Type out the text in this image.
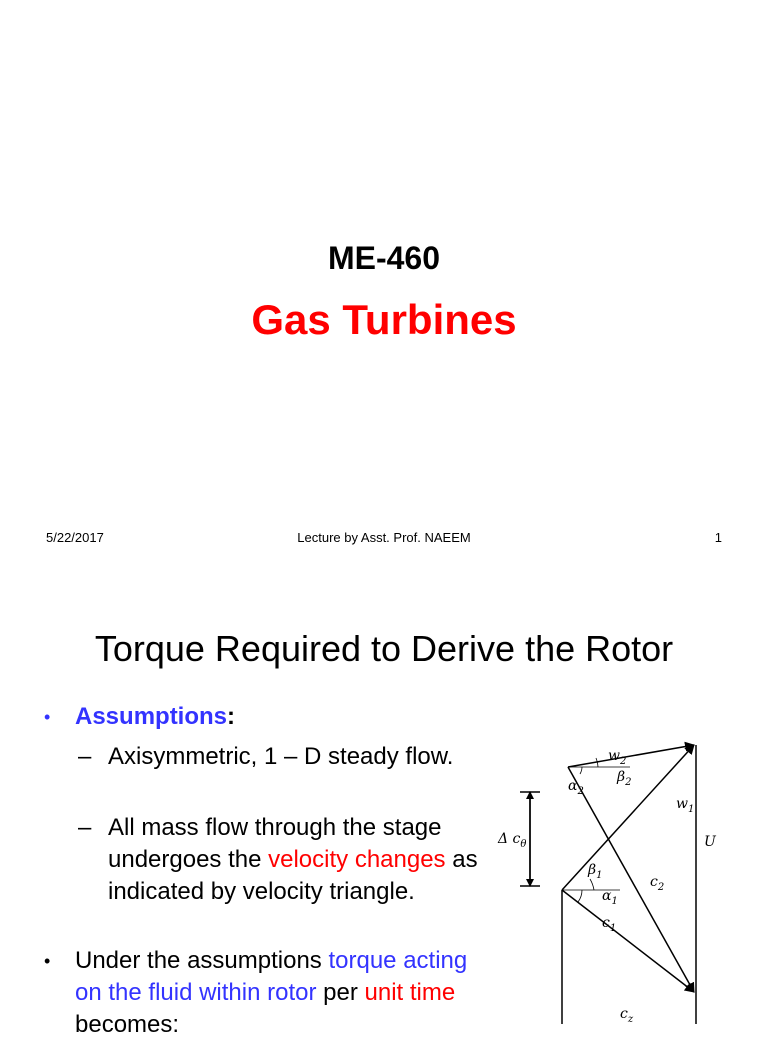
ME-460
Gas Turbines
5/22/2017	Lecture by Asst. Prof. NAEEM	1
Torque Required to Derive the Rotor
• Assumptions:
– Axisymmetric, 1 – D steady flow.
– All mass flow through the stage undergoes the velocity changes as indicated by velocity triangle.
• Under the assumptions torque acting on the fluid within rotor per unit time becomes:
$w_2$
$\beta_2$
$\alpha_2$
$w_1$
Δ $c_\theta$	U
$\beta_1$	$c_2$
$\alpha_1$
$c_1$
$c_z$
